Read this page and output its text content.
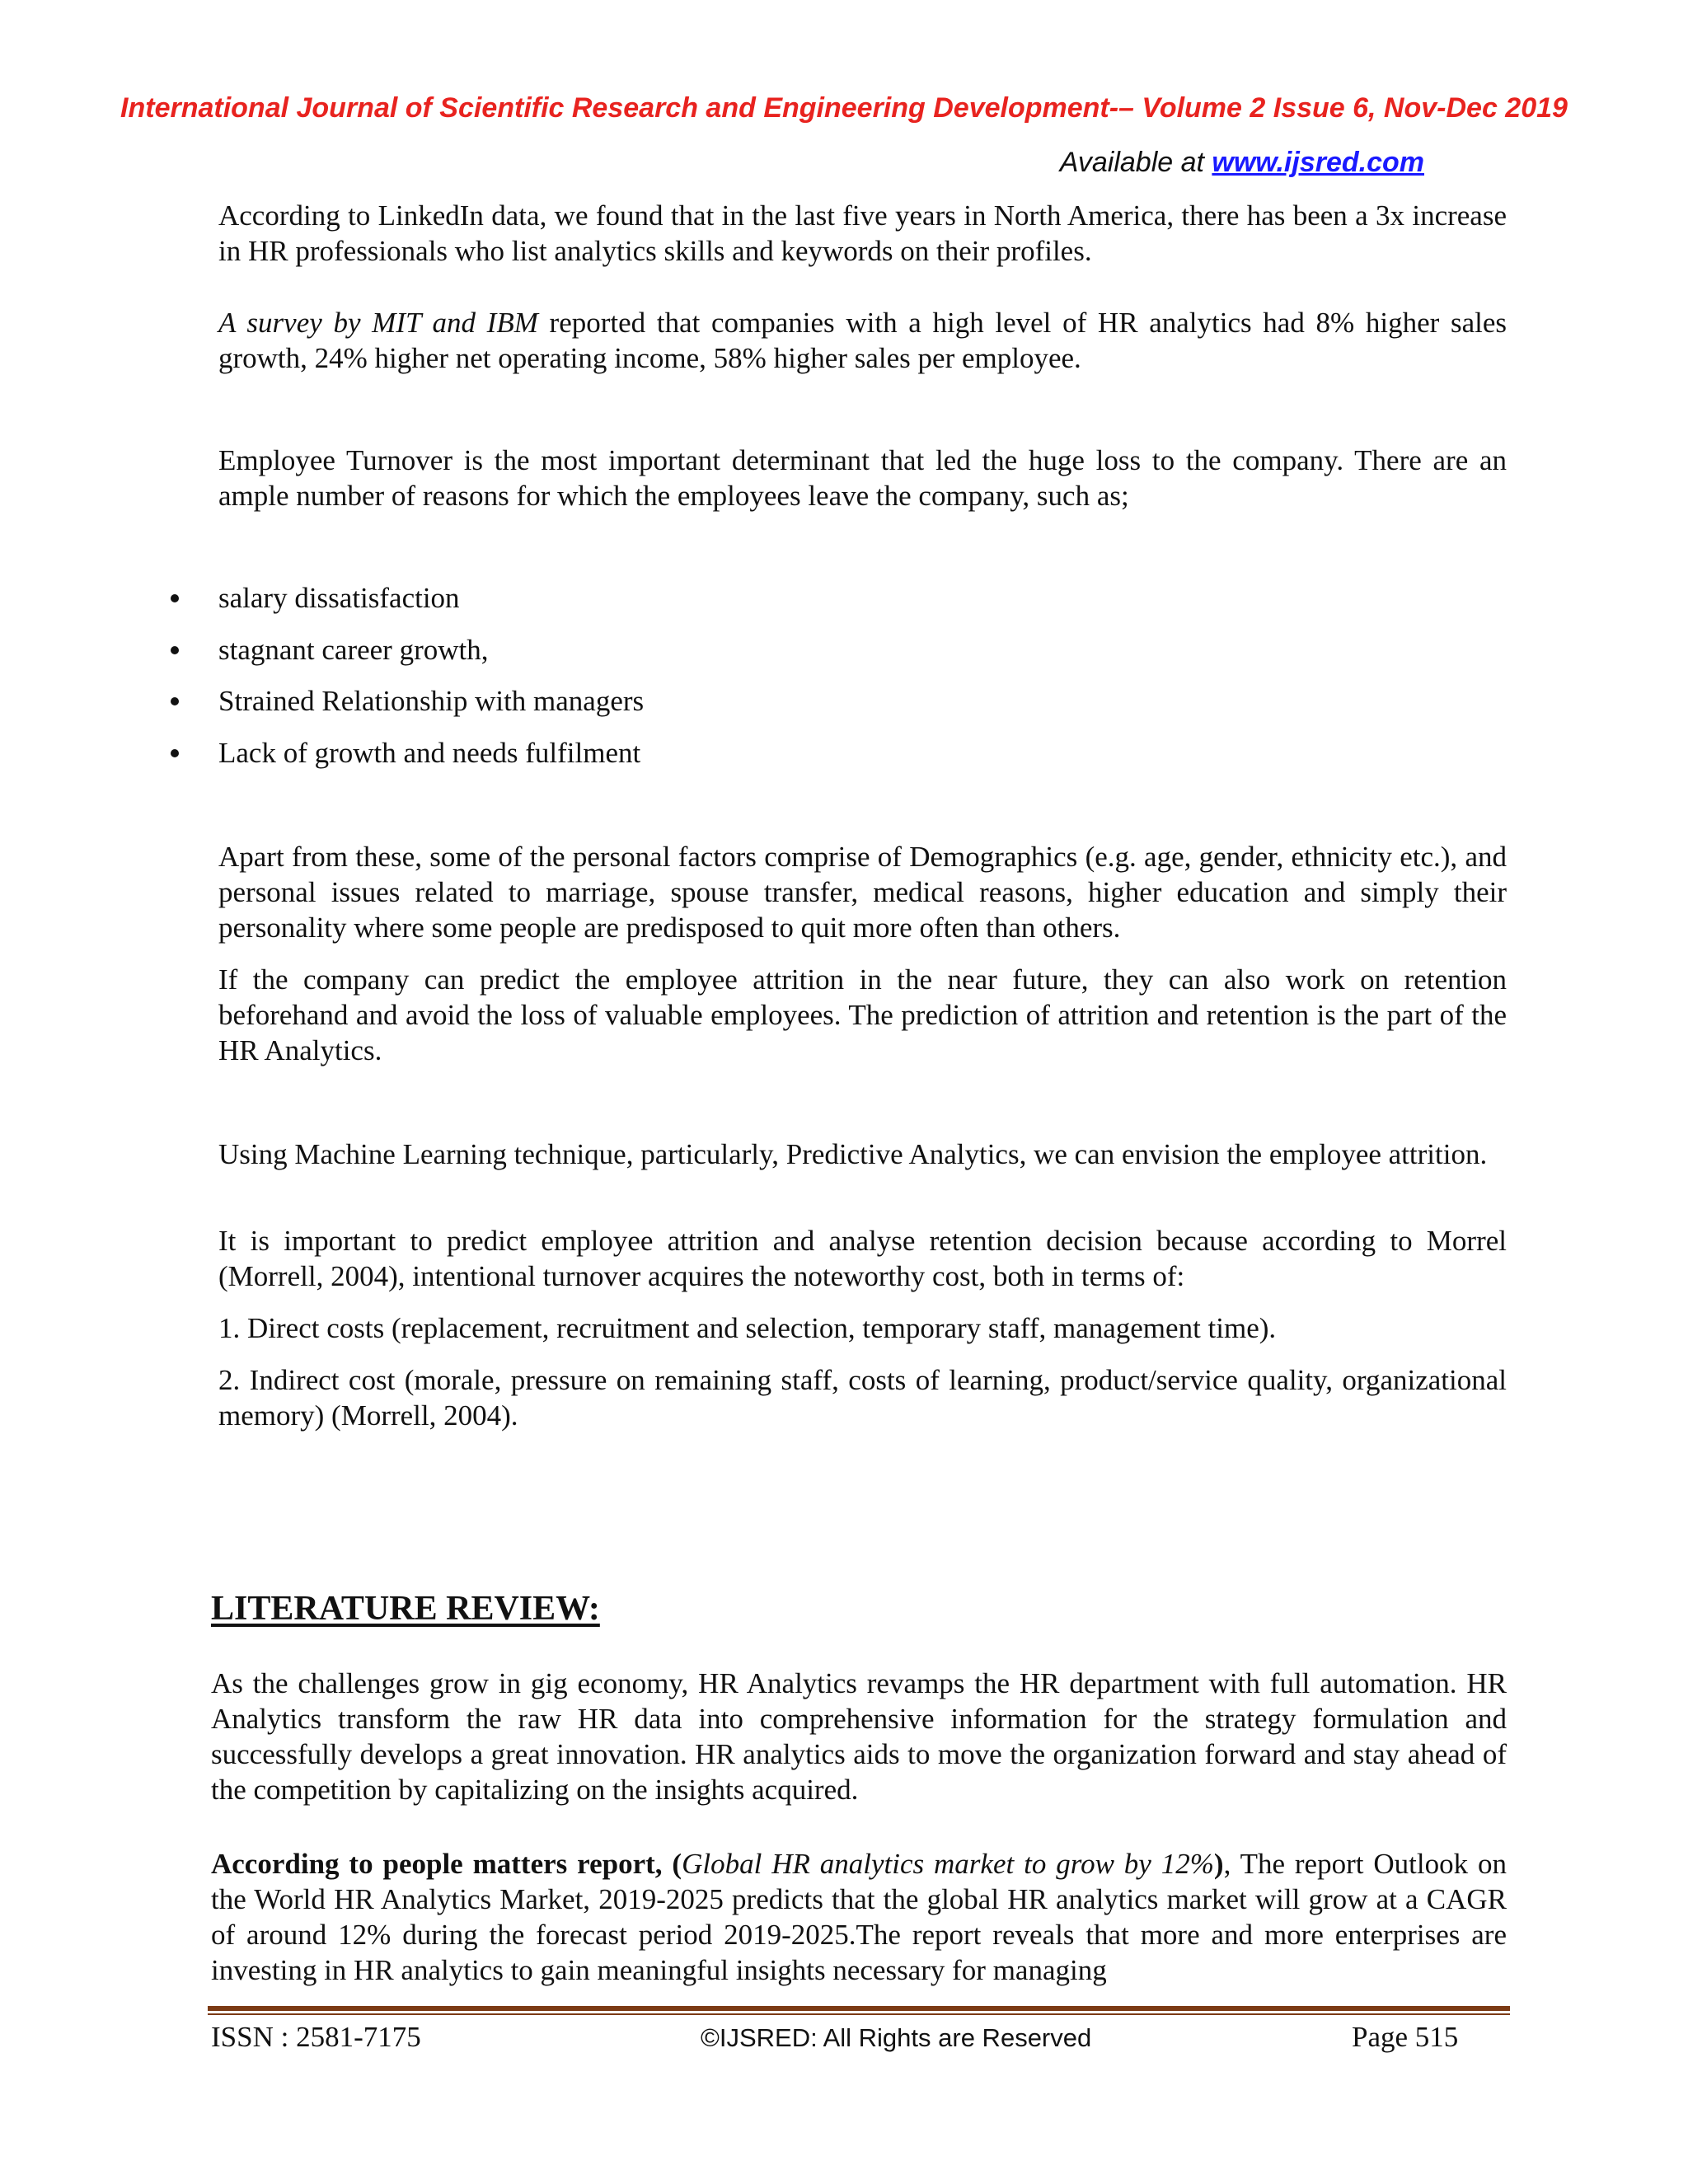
International Journal of Scientific Research and Engineering Development-– Volume 2 Issue 6, Nov-Dec 2019
Available at www.ijsred.com

According to LinkedIn data, we found that in the last five years in North America, there has been a 3x increase in HR professionals who list analytics skills and keywords on their profiles.

A survey by MIT and IBM reported that companies with a high level of HR analytics had 8% higher sales growth, 24% higher net operating income, 58% higher sales per employee.

Employee Turnover is the most important determinant that led the huge loss to the company. There are an ample number of reasons for which the employees leave the company, such as;

salary dissatisfaction
stagnant career growth,
Strained Relationship with managers
Lack of growth and needs fulfilment

Apart from these, some of the personal factors comprise of Demographics (e.g. age, gender, ethnicity etc.), and personal issues related to marriage, spouse transfer, medical reasons, higher education and simply their personality where some people are predisposed to quit more often than others.

If the company can predict the employee attrition in the near future, they can also work on retention beforehand and avoid the loss of valuable employees. The prediction of attrition and retention is the part of the HR Analytics.

Using Machine Learning technique, particularly, Predictive Analytics, we can envision the employee attrition.

It is important to predict employee attrition and analyse retention decision because according to Morrel (Morrell, 2004), intentional turnover acquires the noteworthy cost, both in terms of:

1. Direct costs (replacement, recruitment and selection, temporary staff, management time).

2. Indirect cost (morale, pressure on remaining staff, costs of learning, product/service quality, organizational memory) (Morrell, 2004).

LITERATURE REVIEW:

As the challenges grow in gig economy, HR Analytics revamps the HR department with full automation. HR Analytics transform the raw HR data into comprehensive information for the strategy formulation and successfully develops a great innovation. HR analytics aids to move the organization forward and stay ahead of the competition by capitalizing on the insights acquired.

According to people matters report, (Global HR analytics market to grow by 12%), The report Outlook on the World HR Analytics Market, 2019-2025 predicts that the global HR analytics market will grow at a CAGR of around 12% during the forecast period 2019-2025.The report reveals that more and more enterprises are investing in HR analytics to gain meaningful insights necessary for managing

ISSN : 2581-7175	©IJSRED: All Rights are Reserved	Page 515
